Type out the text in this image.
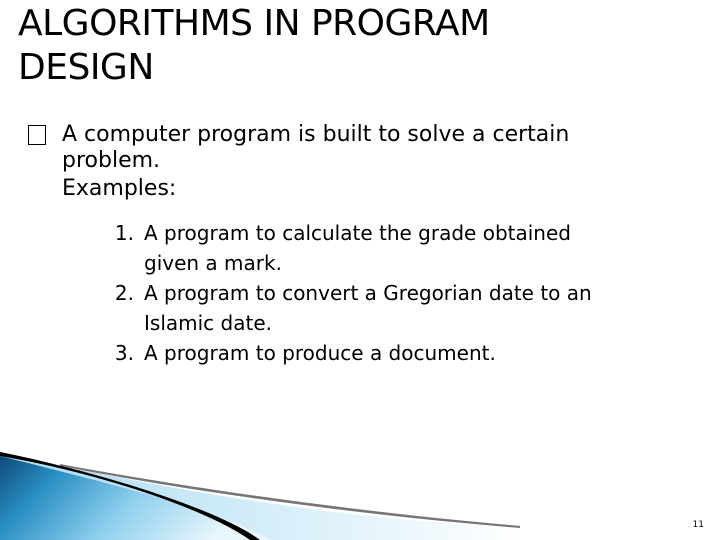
ALGORITHMS IN PROGRAM
DESIGN
A computer program is built to solve a certain
problem.
Examples:
1. A program to calculate the grade obtained
given a mark.
2. A program to convert a Gregorian date to an
Islamic date.
3. A program to produce a document.
11
